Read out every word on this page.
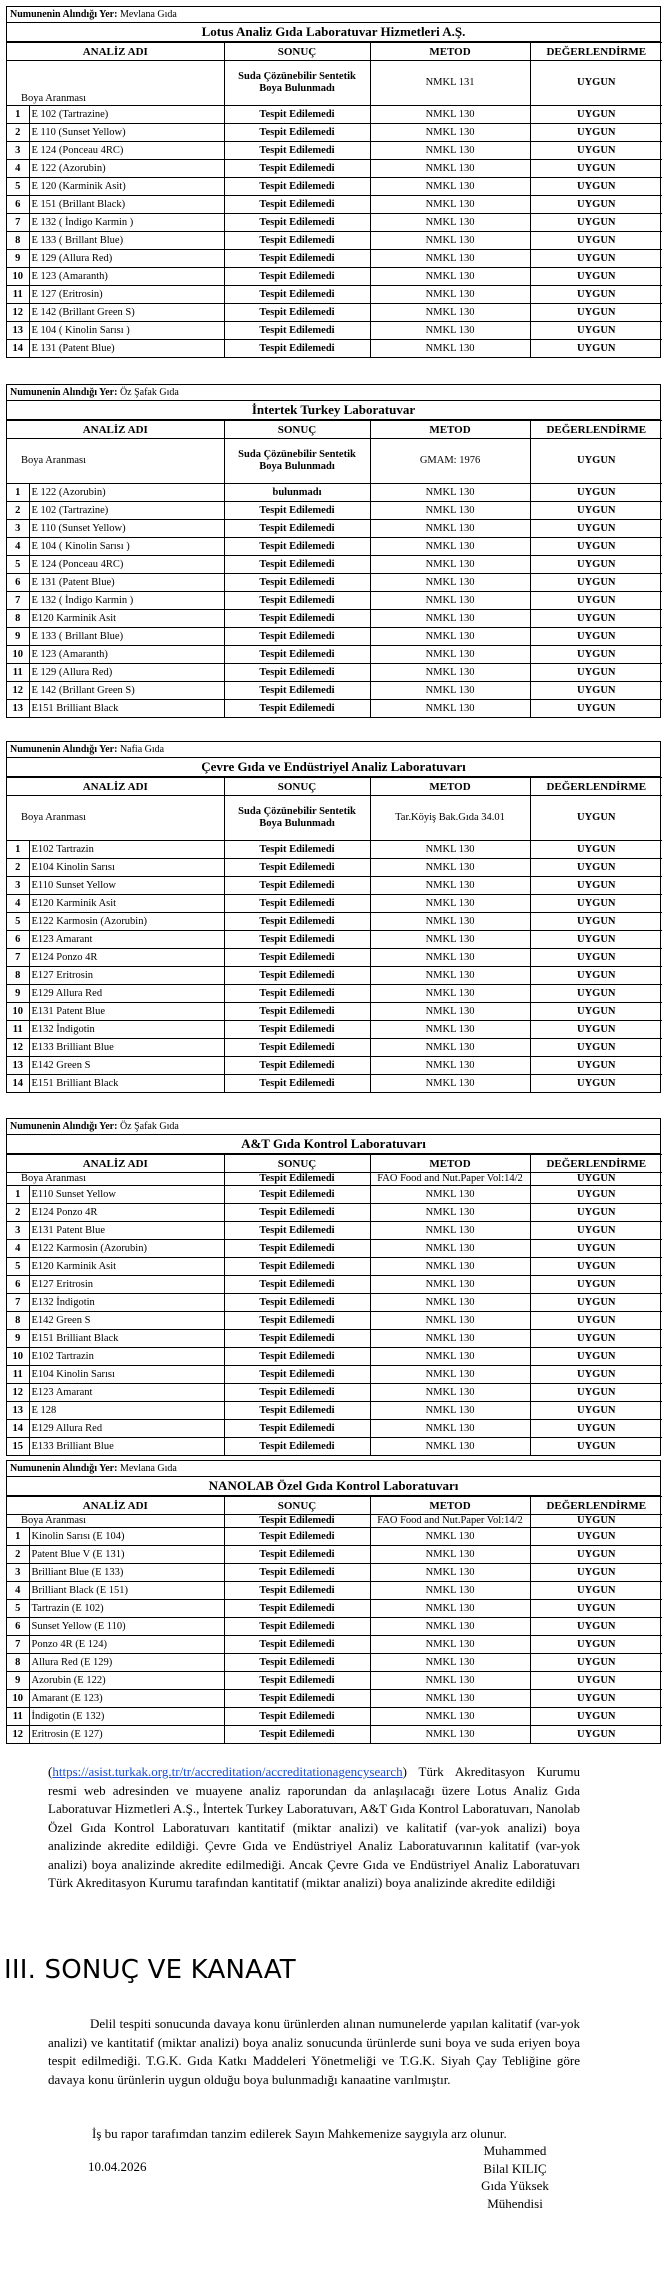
Numunenin Alındığı Yer: Mevlana Gıda
Lotus Analiz Gıda Laboratuvar Hizmetleri A.Ş.
ANALİZ ADI		SONUÇ	METOD	DEĞERLENDİRME
Boya Aranması		Suda Çözünebilir Sentetik Boya Bulunmadı	NMKL 131	UYGUN
1	E 102 (Tartrazine)	Tespit Edilemedi	NMKL 130	UYGUN
2	E 110 (Sunset Yellow)	Tespit Edilemedi	NMKL 130	UYGUN
3	E 124 (Ponceau 4RC)	Tespit Edilemedi	NMKL 130	UYGUN
4	E 122 (Azorubin)	Tespit Edilemedi	NMKL 130	UYGUN
5	E 120 (Karminik Asit)	Tespit Edilemedi	NMKL 130	UYGUN
6	E 151 (Brillant Black)	Tespit Edilemedi	NMKL 130	UYGUN
7	E 132 ( İndigo Karmin )	Tespit Edilemedi	NMKL 130	UYGUN
8	E 133 ( Brillant Blue)	Tespit Edilemedi	NMKL 130	UYGUN
9	E 129 (Allura Red)	Tespit Edilemedi	NMKL 130	UYGUN
10	E 123 (Amaranth)	Tespit Edilemedi	NMKL 130	UYGUN
11	E 127 (Eritrosin)	Tespit Edilemedi	NMKL 130	UYGUN
12	E 142 (Brillant Green S)	Tespit Edilemedi	NMKL 130	UYGUN
13	E 104 ( Kinolin Sarısı )	Tespit Edilemedi	NMKL 130	UYGUN
14	E 131 (Patent Blue)	Tespit Edilemedi	NMKL 130	UYGUN
Numunenin Alındığı Yer: Öz Şafak Gıda
İntertek Turkey Laboratuvar
ANALİZ ADI		SONUÇ	METOD	DEĞERLENDİRME
Boya Aranması		Suda Çözünebilir Sentetik Boya Bulunmadı	GMAM: 1976	UYGUN
1	E 122 (Azorubin)	bulunmadı	NMKL 130	UYGUN
2	E 102 (Tartrazine)	Tespit Edilemedi	NMKL 130	UYGUN
3	E 110 (Sunset Yellow)	Tespit Edilemedi	NMKL 130	UYGUN
4	E 104 ( Kinolin Sarısı )	Tespit Edilemedi	NMKL 130	UYGUN
5	E 124 (Ponceau 4RC)	Tespit Edilemedi	NMKL 130	UYGUN
6	E 131 (Patent Blue)	Tespit Edilemedi	NMKL 130	UYGUN
7	E 132 ( İndigo Karmin )	Tespit Edilemedi	NMKL 130	UYGUN
8	E120 Karminik Asit	Tespit Edilemedi	NMKL 130	UYGUN
9	E 133 ( Brillant Blue)	Tespit Edilemedi	NMKL 130	UYGUN
10	E 123 (Amaranth)	Tespit Edilemedi	NMKL 130	UYGUN
11	E 129 (Allura Red)	Tespit Edilemedi	NMKL 130	UYGUN
12	E 142 (Brillant Green S)	Tespit Edilemedi	NMKL 130	UYGUN
13	E151 Brilliant Black	Tespit Edilemedi	NMKL 130	UYGUN
Numunenin Alındığı Yer: Nafia Gıda
Çevre Gıda ve Endüstriyel Analiz Laboratuvarı
ANALİZ ADI		SONUÇ	METOD	DEĞERLENDİRME
Boya Aranması		Suda Çözünebilir Sentetik Boya Bulunmadı	Tar.Köyiş Bak.Gıda 34.01	UYGUN
1	E102 Tartrazin	Tespit Edilemedi	NMKL 130	UYGUN
2	E104 Kinolin Sarısı	Tespit Edilemedi	NMKL 130	UYGUN
3	E110 Sunset Yellow	Tespit Edilemedi	NMKL 130	UYGUN
4	E120 Karminik Asit	Tespit Edilemedi	NMKL 130	UYGUN
5	E122 Karmosin (Azorubin)	Tespit Edilemedi	NMKL 130	UYGUN
6	E123 Amarant	Tespit Edilemedi	NMKL 130	UYGUN
7	E124 Ponzo 4R	Tespit Edilemedi	NMKL 130	UYGUN
8	E127 Eritrosin	Tespit Edilemedi	NMKL 130	UYGUN
9	E129 Allura Red	Tespit Edilemedi	NMKL 130	UYGUN
10	E131 Patent Blue	Tespit Edilemedi	NMKL 130	UYGUN
11	E132 İndigotin	Tespit Edilemedi	NMKL 130	UYGUN
12	E133 Brilliant Blue	Tespit Edilemedi	NMKL 130	UYGUN
13	E142 Green S	Tespit Edilemedi	NMKL 130	UYGUN
14	E151 Brilliant Black	Tespit Edilemedi	NMKL 130	UYGUN
Numunenin Alındığı Yer: Öz Şafak Gıda
A&T Gıda Kontrol Laboratuvarı
ANALİZ ADI		SONUÇ	METOD	DEĞERLENDİRME
Boya Aranması		Tespit Edilemedi	FAO Food and Nut.Paper Vol:14/2	UYGUN
1	E110 Sunset Yellow	Tespit Edilemedi	NMKL 130	UYGUN
2	E124 Ponzo 4R	Tespit Edilemedi	NMKL 130	UYGUN
3	E131 Patent Blue	Tespit Edilemedi	NMKL 130	UYGUN
4	E122 Karmosin (Azorubin)	Tespit Edilemedi	NMKL 130	UYGUN
5	E120 Karminik Asit	Tespit Edilemedi	NMKL 130	UYGUN
6	E127 Eritrosin	Tespit Edilemedi	NMKL 130	UYGUN
7	E132 İndigotin	Tespit Edilemedi	NMKL 130	UYGUN
8	E142 Green S	Tespit Edilemedi	NMKL 130	UYGUN
9	E151 Brilliant Black	Tespit Edilemedi	NMKL 130	UYGUN
10	E102 Tartrazin	Tespit Edilemedi	NMKL 130	UYGUN
11	E104 Kinolin Sarısı	Tespit Edilemedi	NMKL 130	UYGUN
12	E123 Amarant	Tespit Edilemedi	NMKL 130	UYGUN
13	E 128	Tespit Edilemedi	NMKL 130	UYGUN
14	E129 Allura Red	Tespit Edilemedi	NMKL 130	UYGUN
15	E133 Brilliant Blue	Tespit Edilemedi	NMKL 130	UYGUN
Numunenin Alındığı Yer: Mevlana Gıda
NANOLAB Özel Gıda Kontrol Laboratuvarı
ANALİZ ADI		SONUÇ	METOD	DEĞERLENDİRME
Boya Aranması		Tespit Edilemedi	FAO Food and Nut.Paper Vol:14/2	UYGUN
1	Kinolin Sarısı (E 104)	Tespit Edilemedi	NMKL 130	UYGUN
2	Patent Blue V (E 131)	Tespit Edilemedi	NMKL 130	UYGUN
3	Brilliant Blue (E 133)	Tespit Edilemedi	NMKL 130	UYGUN
4	Brilliant Black (E 151)	Tespit Edilemedi	NMKL 130	UYGUN
5	Tartrazin (E 102)	Tespit Edilemedi	NMKL 130	UYGUN
6	Sunset Yellow (E 110)	Tespit Edilemedi	NMKL 130	UYGUN
7	Ponzo 4R (E 124)	Tespit Edilemedi	NMKL 130	UYGUN
8	Allura Red (E 129)	Tespit Edilemedi	NMKL 130	UYGUN
9	Azorubin (E 122)	Tespit Edilemedi	NMKL 130	UYGUN
10	Amarant (E 123)	Tespit Edilemedi	NMKL 130	UYGUN
11	İndigotin (E 132)	Tespit Edilemedi	NMKL 130	UYGUN
12	Eritrosin (E 127)	Tespit Edilemedi	NMKL 130	UYGUN
(https://asist.turkak.org.tr/tr/accreditation/accreditationagencysearch) Türk Akreditasyon Kurumu resmi web adresinden ve muayene analiz raporundan da anlaşılacağı üzere Lotus Analiz Gıda Laboratuvar Hizmetleri A.Ş., İntertek Turkey Laboratuvarı, A&T Gıda Kontrol Laboratuvarı, Nanolab Özel Gıda Kontrol Laboratuvarı kantitatif (miktar analizi) ve kalitatif (var-yok analizi) boya analizinde akredite edildiği. Çevre Gıda ve Endüstriyel Analiz Laboratuvarının kalitatif (var-yok analizi) boya analizinde akredite edilmediği. Ancak Çevre Gıda ve Endüstriyel Analiz Laboratuvarı Türk Akreditasyon Kurumu tarafından kantitatif (miktar analizi) boya analizinde akredite edildiği
III. SONUÇ VE KANAAT
Delil tespiti sonucunda davaya konu ürünlerden alınan numunelerde yapılan kalitatif (var-yok analizi) ve kantitatif (miktar analizi) boya analiz sonucunda ürünlerde suni boya ve suda eriyen boya tespit edilmediği. T.G.K. Gıda Katkı Maddeleri Yönetmeliği ve T.G.K. Siyah Çay Tebliğine göre davaya konu ürünlerin uygun olduğu boya bulunmadığı kanaatine varılmıştır.
İş bu rapor tarafımdan tanzim edilerek Sayın Mahkemenize saygıyla arz olunur.
10.04.2026
Muhammed
Bilal KILIÇ
Gıda Yüksek
Mühendisi
